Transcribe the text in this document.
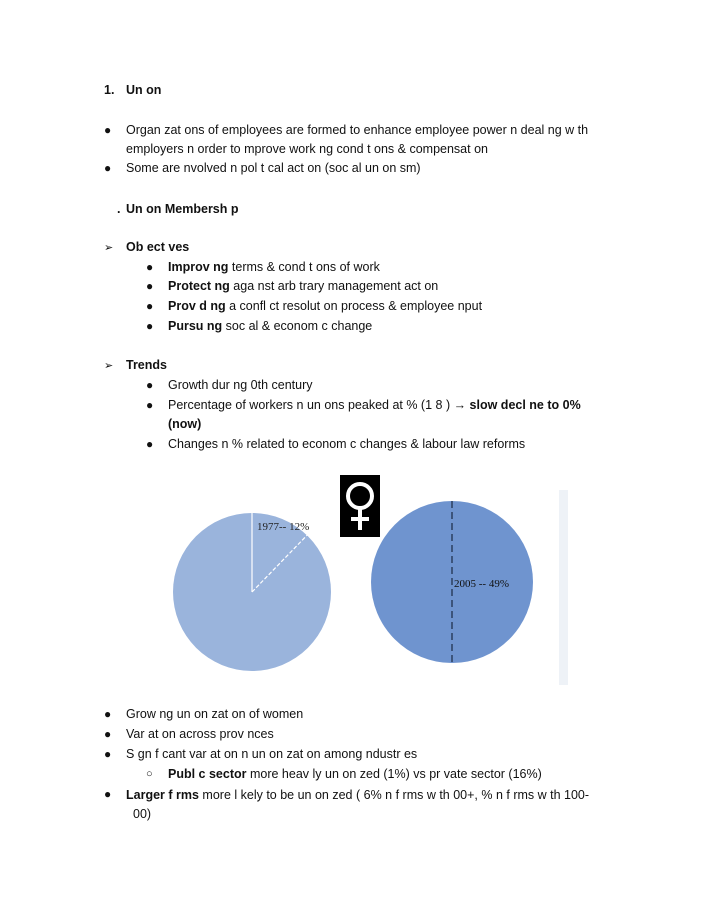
1. Un on
● Organ zat ons of employees are formed to enhance employee power n deal ng w th
employers n order to mprove work ng cond t ons & compensat on
● Some are nvolved n pol t cal act on (soc al un on sm)
. Un on Membersh p
➢ Ob ect ves
● Improv ng terms & cond t ons of work
● Protect ng aga nst arb trary management act on
● Prov d ng a confl ct resolut on process & employee nput
● Pursu ng soc al & econom c change
➢ Trends
● Growth dur ng 0th century
● Percentage of workers n un ons peaked at % (1 8 ) → slow decl ne to 0%
(now)
● Changes n % related to econom c changes & labour law reforms
1977-- 12%
2005 -- 49%
● Grow ng un on zat on of women
● Var at on across prov nces
● S gn f cant var at on n un on zat on among ndustr es
○ Publ c sector more heav ly un on zed (1%) vs pr vate sector (16%)
● Larger f rms more l kely to be un on zed ( 6% n f rms w th 00+, % n f rms w th 100-
00)
